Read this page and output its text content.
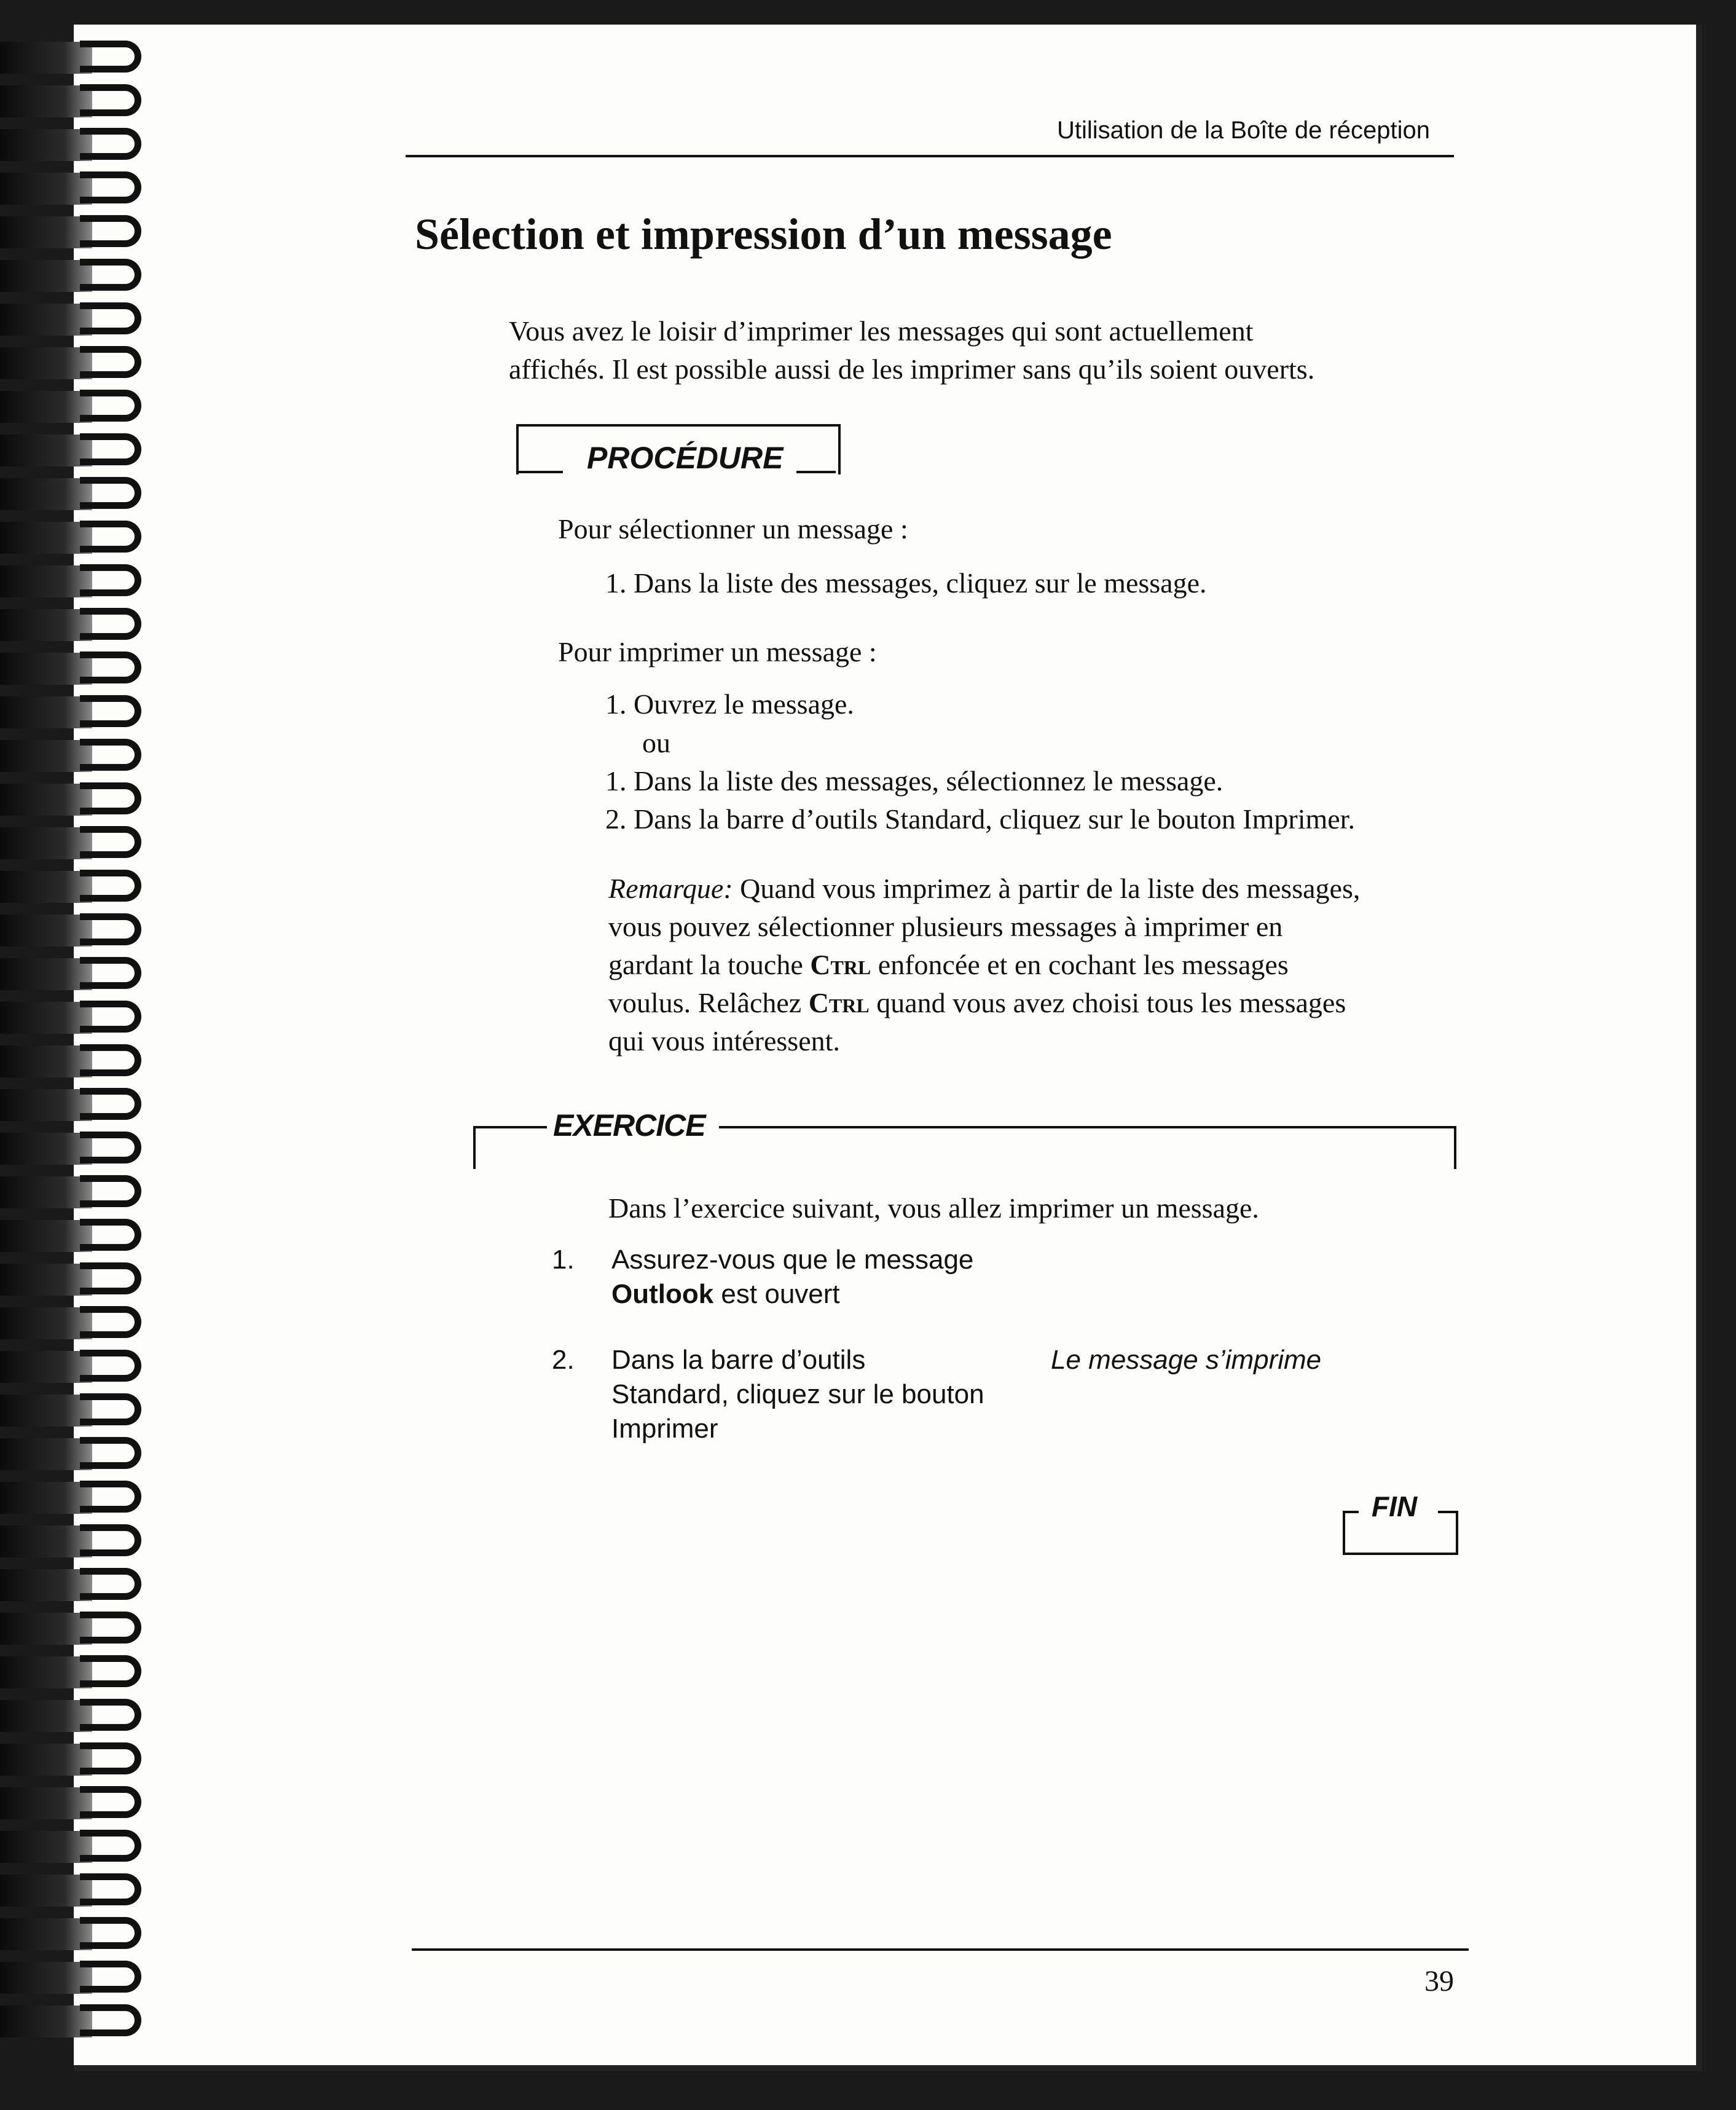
Utilisation de la Boîte de réception
Sélection et impression d’un message
Vous avez le loisir d’imprimer les messages qui sont actuellement
affichés. Il est possible aussi de les imprimer sans qu’ils soient ouverts.
PROCÉDURE
Pour sélectionner un message :
1. Dans la liste des messages, cliquez sur le message.
Pour imprimer un message :
1. Ouvrez le message.
ou
1. Dans la liste des messages, sélectionnez le message.
2. Dans la barre d’outils Standard, cliquez sur le bouton Imprimer.
Remarque: Quand vous imprimez à partir de la liste des messages,
vous pouvez sélectionner plusieurs messages à imprimer en
gardant la touche Ctrl enfoncée et en cochant les messages
voulus. Relâchez Ctrl quand vous avez choisi tous les messages
qui vous intéressent.
EXERCICE
Dans l’exercice suivant, vous allez imprimer un message.
1. Assurez-vous que le message
Outlook est ouvert
2. Dans la barre d’outils
Standard, cliquez sur le bouton
Imprimer
Le message s’imprime
FIN
39
